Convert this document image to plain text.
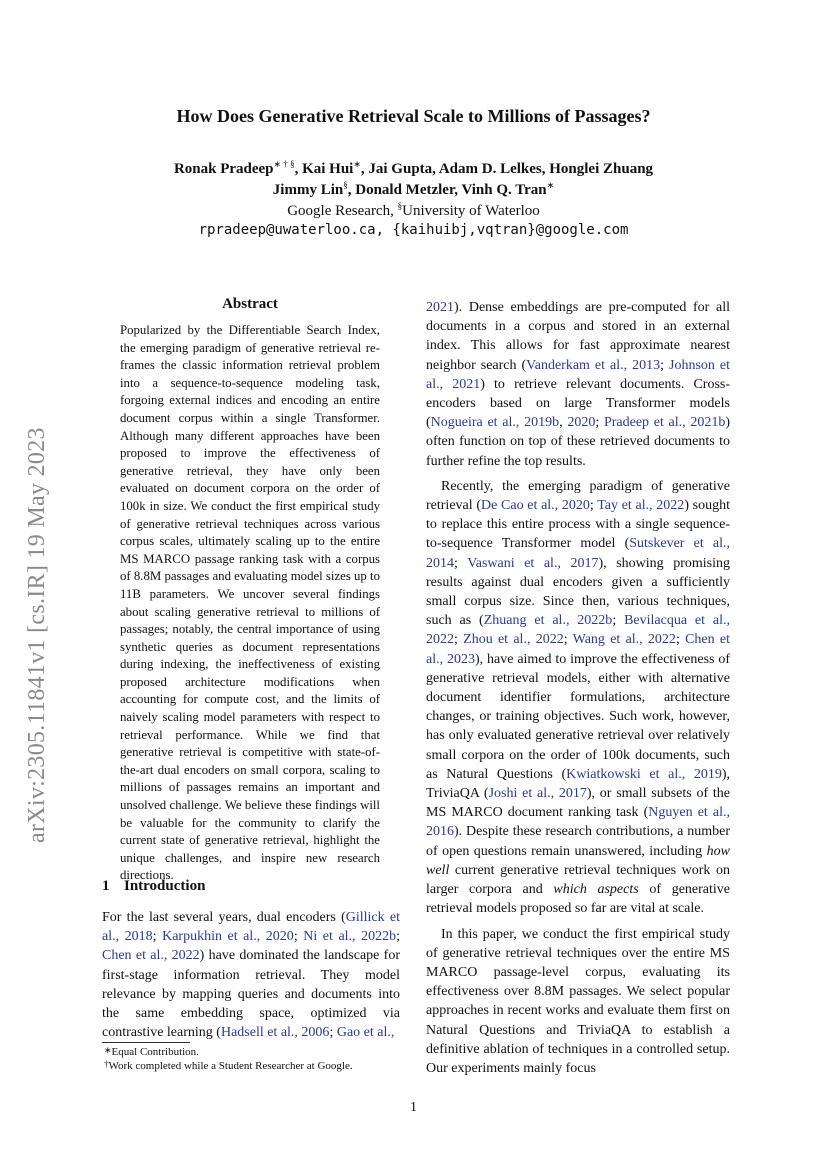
How Does Generative Retrieval Scale to Millions of Passages?
Ronak Pradeep∗ † §, Kai Hui∗, Jai Gupta, Adam D. Lelkes, Honglei Zhuang
Jimmy Lin§, Donald Metzler, Vinh Q. Tran∗
Google Research, §University of Waterloo
rpradeep@uwaterloo.ca, {kaihuibj,vqtran}@google.com
arXiv:2305.11841v1 [cs.IR] 19 May 2023
Abstract
Popularized by the Differentiable Search Index, the emerging paradigm of generative retrieval re-frames the classic information retrieval problem into a sequence-to-sequence modeling task, forgoing external indices and encoding an entire document corpus within a single Transformer. Although many different approaches have been proposed to improve the effectiveness of generative retrieval, they have only been evaluated on document corpora on the order of 100k in size. We conduct the first empirical study of generative retrieval techniques across various corpus scales, ultimately scaling up to the entire MS MARCO passage ranking task with a corpus of 8.8M passages and evaluating model sizes up to 11B parameters. We uncover several findings about scaling generative retrieval to millions of passages; notably, the central importance of using synthetic queries as document representations during indexing, the ineffectiveness of existing proposed architecture modifications when accounting for compute cost, and the limits of naively scaling model parameters with respect to retrieval performance. While we find that generative retrieval is competitive with state-of-the-art dual encoders on small corpora, scaling to millions of passages remains an important and unsolved challenge. We believe these findings will be valuable for the community to clarify the current state of generative retrieval, highlight the unique challenges, and inspire new research directions.
1 Introduction
For the last several years, dual encoders (Gillick et al., 2018; Karpukhin et al., 2020; Ni et al., 2022b; Chen et al., 2022) have dominated the landscape for first-stage information retrieval. They model relevance by mapping queries and documents into the same embedding space, optimized via contrastive learning (Hadsell et al., 2006; Gao et al.,

2021). Dense embeddings are pre-computed for all documents in a corpus and stored in an external index. This allows for fast approximate nearest neighbor search (Vanderkam et al., 2013; Johnson et al., 2021) to retrieve relevant documents. Cross-encoders based on large Transformer models (Nogueira et al., 2019b, 2020; Pradeep et al., 2021b) often function on top of these retrieved documents to further refine the top results.

Recently, the emerging paradigm of generative retrieval (De Cao et al., 2020; Tay et al., 2022) sought to replace this entire process with a single sequence-to-sequence Transformer model (Sutskever et al., 2014; Vaswani et al., 2017), showing promising results against dual encoders given a sufficiently small corpus size. Since then, various techniques, such as (Zhuang et al., 2022b; Bevilacqua et al., 2022; Zhou et al., 2022; Wang et al., 2022; Chen et al., 2023), have aimed to improve the effectiveness of generative retrieval models, either with alternative document identifier formulations, architecture changes, or training objectives. Such work, however, has only evaluated generative retrieval over relatively small corpora on the order of 100k documents, such as Natural Questions (Kwiatkowski et al., 2019), TriviaQA (Joshi et al., 2017), or small subsets of the MS MARCO document ranking task (Nguyen et al., 2016). Despite these research contributions, a number of open questions remain unanswered, including how well current generative retrieval techniques work on larger corpora and which aspects of generative retrieval models proposed so far are vital at scale.

In this paper, we conduct the first empirical study of generative retrieval techniques over the entire MS MARCO passage-level corpus, evaluating its effectiveness over 8.8M passages. We select popular approaches in recent works and evaluate them first on Natural Questions and TriviaQA to establish a definitive ablation of techniques in a controlled setup. Our experiments mainly focus

∗Equal Contribution.
†Work completed while a Student Researcher at Google.
1
